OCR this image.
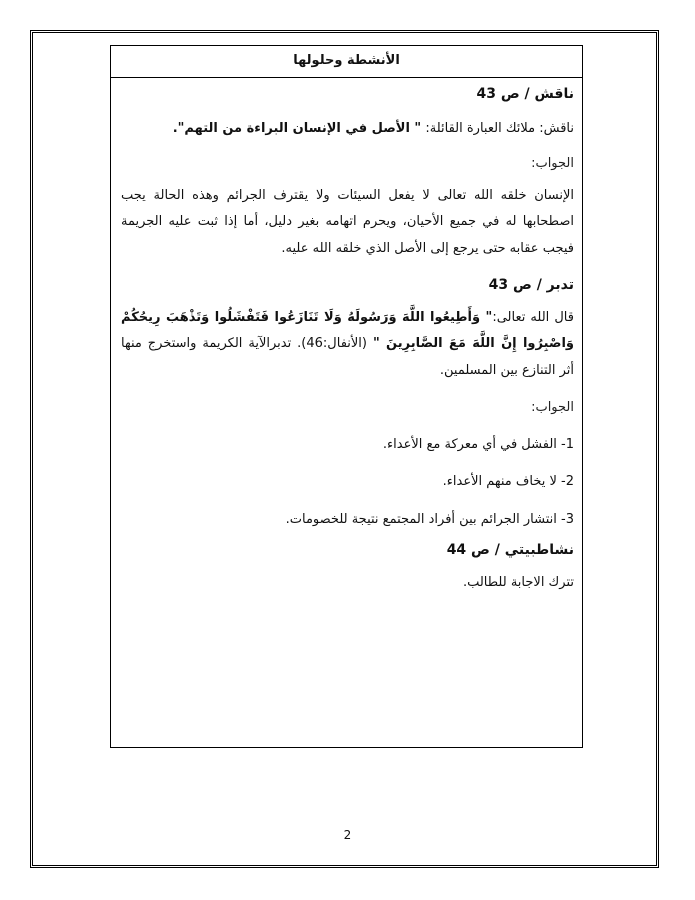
الأنشطة وحلولها

ناقش / ص 43

ناقش: ملائك العبارة القائلة: " الأصل في الإنسان البراءة من التهم".

الجواب:

الإنسان خلقه الله تعالى لا يفعل السيئات ولا يقترف الجرائم وهذه الحالة يجب اصطحابها له في جميع الأحيان، ويحرم اتهامه بغير دليل، أما إذا ثبت عليه الجريمة فيجب عقابه حتى يرجع إلى الأصل الذي خلقه الله عليه.

تدبر / ص 43

قال الله تعالى:" وَأَطِيعُوا اللَّهَ وَرَسُولَهُ وَلَا تَنَازَعُوا فَتَفْشَلُوا وَتَذْهَبَ رِيحُكُمْ وَاصْبِرُوا إِنَّ اللَّهَ مَعَ الصَّابِرِينَ " (الأنفال:46). تدبرالآية الكريمة واستخرج منها أثر التنازع بين المسلمين.

الجواب:

1- الفشل في أي معركة مع الأعداء.

2- لا يخاف منهم الأعداء.

3- انتشار الجرائم بين أفراد المجتمع نتيجة للخصومات.

نشاطبيتي / ص 44

تترك الاجابة للطالب.

2
